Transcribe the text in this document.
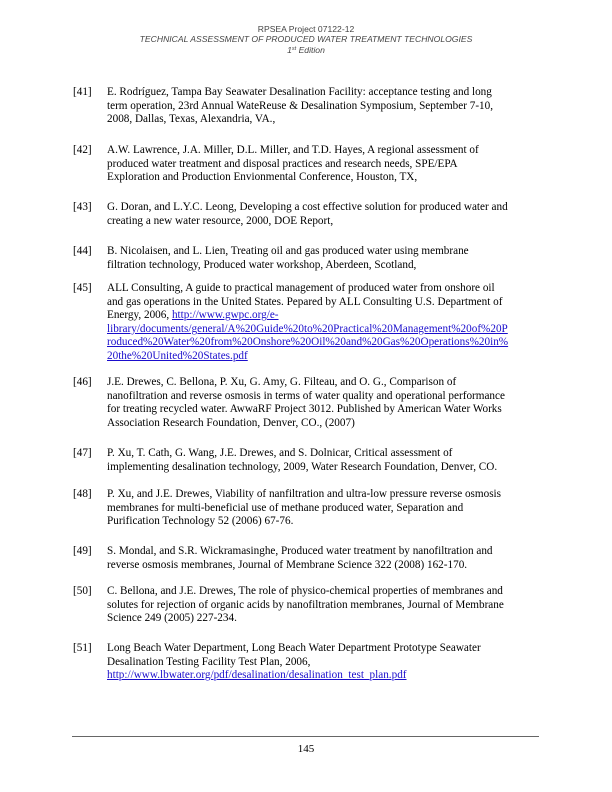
RPSEA Project 07122-12
TECHNICAL ASSESSMENT OF PRODUCED WATER TREATMENT TECHNOLOGIES
1st Edition
[41] E. Rodríguez, Tampa Bay Seawater Desalination Facility: acceptance testing and long
term operation, 23rd Annual WateReuse & Desalination Symposium, September 7-10,
2008, Dallas, Texas, Alexandria, VA.,
[42] A.W. Lawrence, J.A. Miller, D.L. Miller, and T.D. Hayes, A regional assessment of
produced water treatment and disposal practices and research needs, SPE/EPA
Exploration and Production Envionmental Conference, Houston, TX,
[43] G. Doran, and L.Y.C. Leong, Developing a cost effective solution for produced water and
creating a new water resource, 2000, DOE Report,
[44] B. Nicolaisen, and L. Lien, Treating oil and gas produced water using membrane
filtration technology, Produced water workshop, Aberdeen, Scotland,
[45] ALL Consulting, A guide to practical management of produced water from onshore oil
and gas operations in the United States. Pepared by ALL Consulting U.S. Department of
Energy, 2006, http://www.gwpc.org/e-
library/documents/general/A%20Guide%20to%20Practical%20Management%20of%20P
roduced%20Water%20from%20Onshore%20Oil%20and%20Gas%20Operations%20in%
20the%20United%20States.pdf
[46] J.E. Drewes, C. Bellona, P. Xu, G. Amy, G. Filteau, and O. G., Comparison of
nanofiltration and reverse osmosis in terms of water quality and operational performance
for treating recycled water. AwwaRF Project 3012. Published by American Water Works
Association Research Foundation, Denver, CO., (2007)
[47] P. Xu, T. Cath, G. Wang, J.E. Drewes, and S. Dolnicar, Critical assessment of
implementing desalination technology, 2009, Water Research Foundation, Denver, CO.
[48] P. Xu, and J.E. Drewes, Viability of nanfiltration and ultra-low pressure reverse osmosis
membranes for multi-beneficial use of methane produced water, Separation and
Purification Technology 52 (2006) 67-76.
[49] S. Mondal, and S.R. Wickramasinghe, Produced water treatment by nanofiltration and
reverse osmosis membranes, Journal of Membrane Science 322 (2008) 162-170.
[50] C. Bellona, and J.E. Drewes, The role of physico-chemical properties of membranes and
solutes for rejection of organic acids by nanofiltration membranes, Journal of Membrane
Science 249 (2005) 227-234.
[51] Long Beach Water Department, Long Beach Water Department Prototype Seawater
Desalination Testing Facility Test Plan, 2006,
http://www.lbwater.org/pdf/desalination/desalination_test_plan.pdf
145
